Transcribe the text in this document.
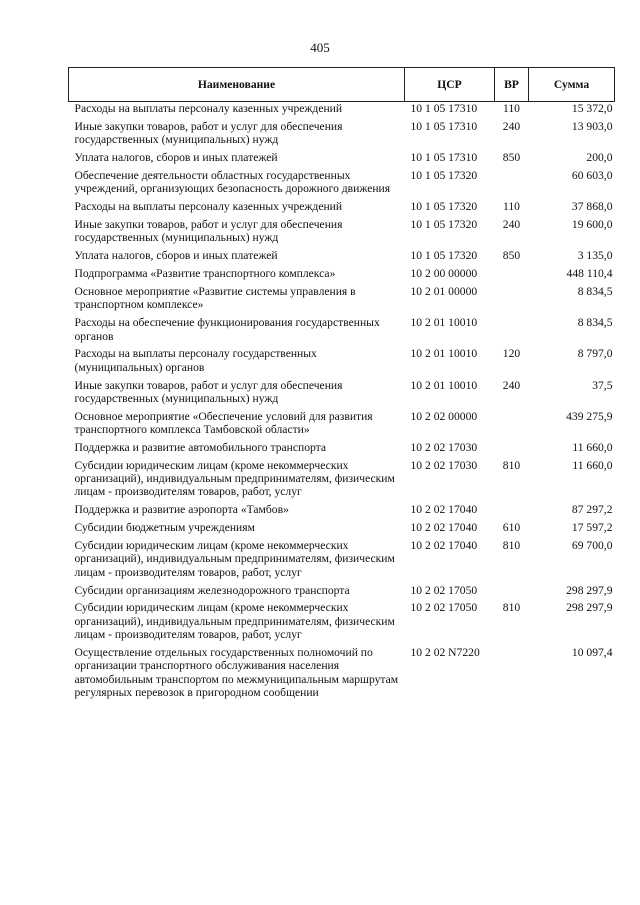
405
Наименование	ЦСР	ВР	Сумма
Расходы на выплаты персоналу казенных учреждений	10 1 05 17310	110	15 372,0
Иные закупки товаров, работ и услуг для обеспечения государственных (муниципальных) нужд	10 1 05 17310	240	13 903,0
Уплата налогов, сборов и иных платежей	10 1 05 17310	850	200,0
Обеспечение деятельности областных государственных учреждений, организующих безопасность дорожного движения	10 1 05 17320		60 603,0
Расходы на выплаты персоналу казенных учреждений	10 1 05 17320	110	37 868,0
Иные закупки товаров, работ и услуг для обеспечения государственных (муниципальных) нужд	10 1 05 17320	240	19 600,0
Уплата налогов, сборов и иных платежей	10 1 05 17320	850	3 135,0
Подпрограмма «Развитие транспортного комплекса»	10 2 00 00000		448 110,4
Основное мероприятие «Развитие системы управления в транспортном комплексе»	10 2 01 00000		8 834,5
Расходы на обеспечение функционирования государственных органов	10 2 01 10010		8 834,5
Расходы на выплаты персоналу государственных (муниципальных) органов	10 2 01 10010	120	8 797,0
Иные закупки товаров, работ и услуг для обеспечения государственных (муниципальных) нужд	10 2 01 10010	240	37,5
Основное мероприятие «Обеспечение условий для развития транспортного комплекса Тамбовской области»	10 2 02 00000		439 275,9
Поддержка и развитие автомобильного транспорта	10 2 02 17030		11 660,0
Субсидии юридическим лицам (кроме некоммерческих организаций), индивидуальным предпринимателям, физическим лицам - производителям товаров, работ, услуг	10 2 02 17030	810	11 660,0
Поддержка и развитие аэропорта «Тамбов»	10 2 02 17040		87 297,2
Субсидии бюджетным учреждениям	10 2 02 17040	610	17 597,2
Субсидии юридическим лицам (кроме некоммерческих организаций), индивидуальным предпринимателям, физическим лицам - производителям товаров, работ, услуг	10 2 02 17040	810	69 700,0
Субсидии организациям железнодорожного транспорта	10 2 02 17050		298 297,9
Субсидии юридическим лицам (кроме некоммерческих организаций), индивидуальным предпринимателям, физическим лицам - производителям товаров, работ, услуг	10 2 02 17050	810	298 297,9
Осуществление отдельных государственных полномочий по организации транспортного обслуживания населения автомобильным транспортом по межмуниципальным маршрутам регулярных перевозок в пригородном сообщении	10 2 02 N7220		10 097,4
